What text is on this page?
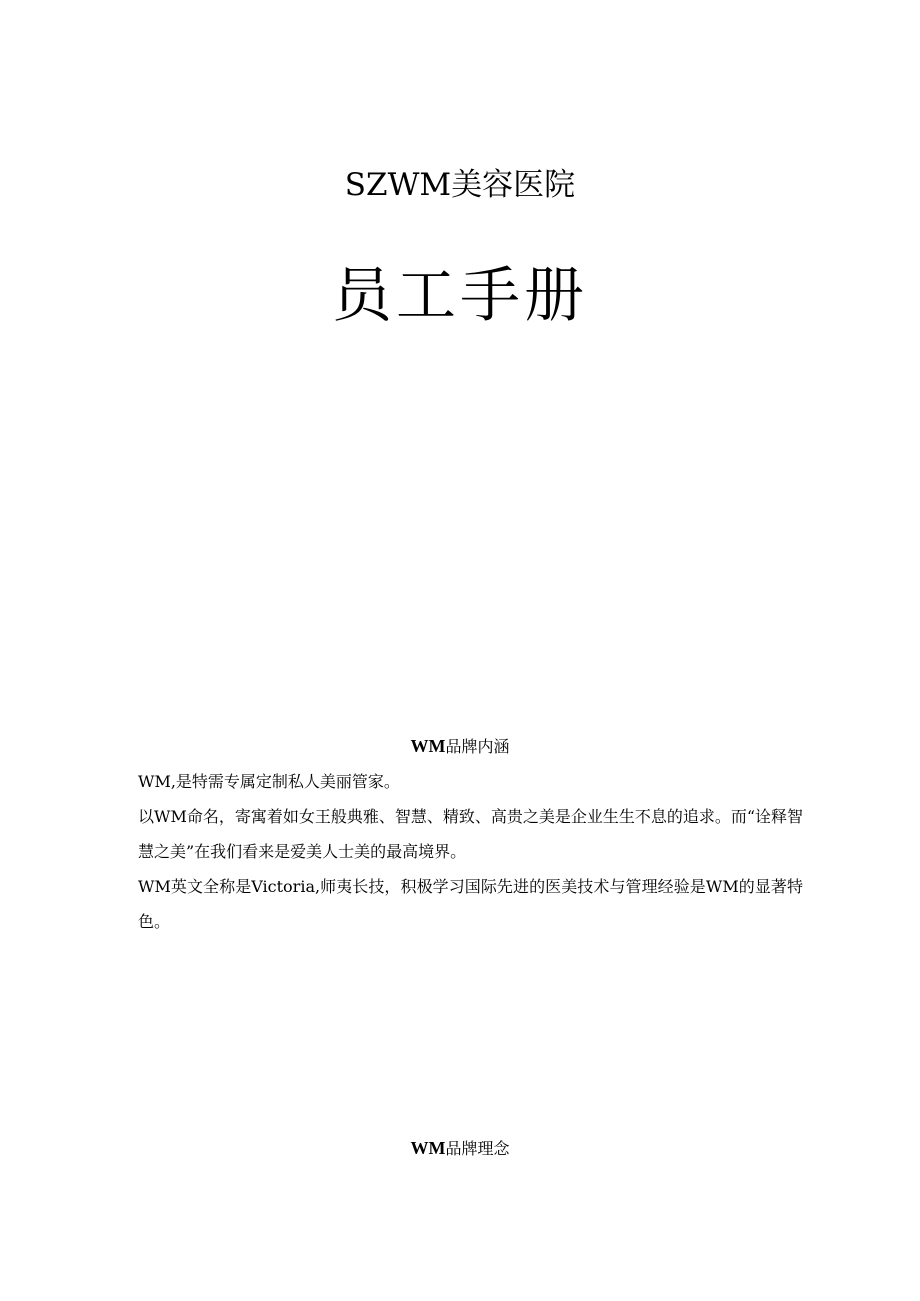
SZWM美容医院
员工手册
WM品牌内涵

WM,是特需专属定制私人美丽管家。

以WM命名，寄寓着如女王般典雅、智慧、精致、高贵之美是企业生生不息的追求。而“诠释智慧之美”在我们看来是爱美人士美的最高境界。

WM英文全称是Victoria,师夷长技，积极学习国际先进的医美技术与管理经验是WM的显著特色。

WM品牌理念
